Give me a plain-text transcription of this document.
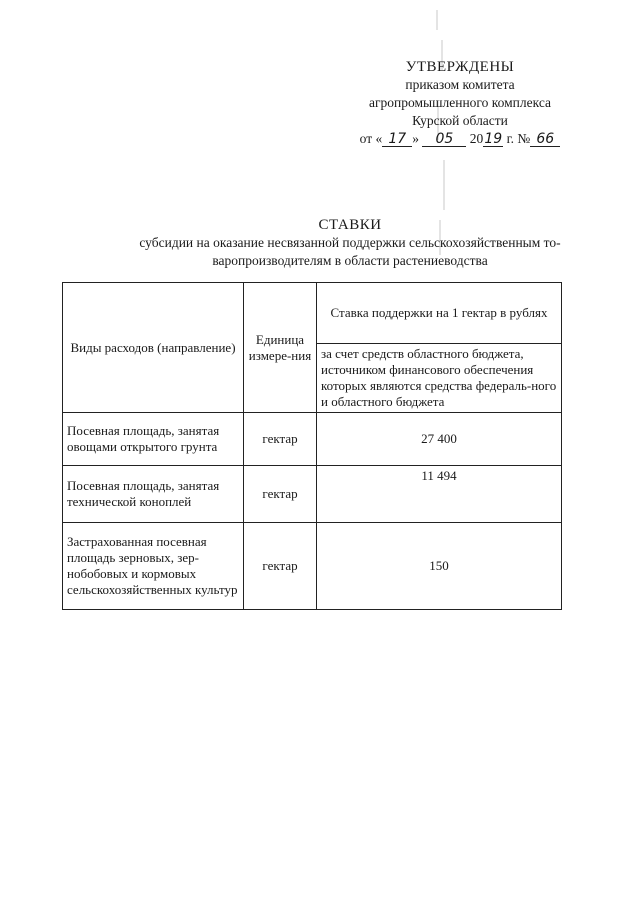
УТВЕРЖДЕНЫ
приказом комитета
агропромышленного комплекса
Курской области
от « 17 » 05 2019 г. № 66
СТАВКИ
субсидии на оказание несвязанной поддержки сельскохозяйственным то-
варопроизводителям в области растениеводства
Виды расходов (направление)	Единица измере-ния	Ставка поддержки на 1 гектар в рублях
		за счет средств областного бюджета, источником финансового обеспечения которых являются средства федераль-ного и областного бюджета
Посевная площадь, занятая овощами открытого грунта	гектар	27 400
Посевная площадь, занятая технической коноплей	гектар	11 494
Застрахованная посевная площадь зерновых, зер-нобобовых и кормовых сельскохозяйственных культур	гектар	150
